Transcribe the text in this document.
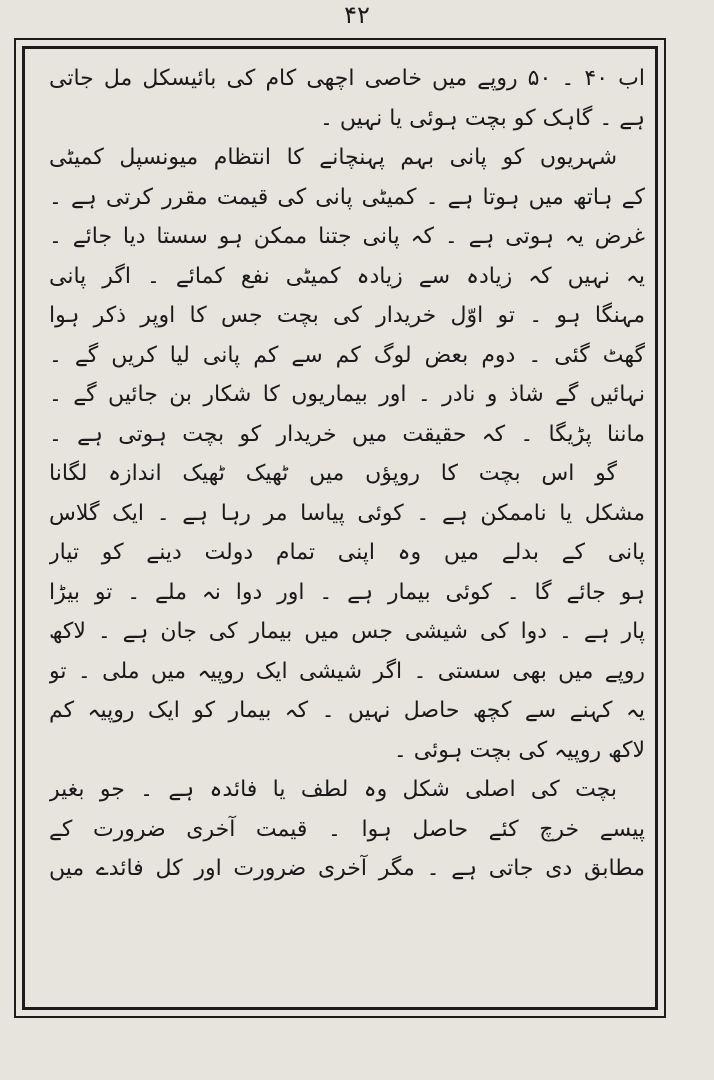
۴۲
اب ۴۰ ۔ ۵۰ روپے میں خاصی اچھی کام کی بائیسکل مل جاتی
ہے ۔ گاہک کو بچت ہوئی یا نہیں ۔
شہریوں کو پانی بہم پہنچانے کا انتظام میونسپل کمیٹی
کے ہاتھ میں ہوتا ہے ۔ کمیٹی پانی کی قیمت مقرر کرتی ہے ۔
غرض یہ ہوتی ہے ۔ کہ پانی جتنا ممکن ہو سستا دیا جائے ۔
یہ نہیں کہ زیادہ سے زیادہ کمیٹی نفع کمائے ۔ اگر پانی
مہنگا ہو ۔ تو اوّل خریدار کی بچت جس کا اوپر ذکر ہوا
گھٹ گئی ۔ دوم بعض لوگ کم سے کم پانی لیا کریں گے ۔
نہائیں گے شاذ و نادر ۔ اور بیماریوں کا شکار بن جائیں گے ۔
ماننا پڑیگا ۔ کہ حقیقت میں خریدار کو بچت ہوتی ہے ۔
گو اس بچت کا روپؤں میں ٹھیک ٹھیک اندازہ لگانا
مشکل یا ناممکن ہے ۔ کوئی پیاسا مر رہا ہے ۔ ایک گلاس
پانی کے بدلے میں وہ اپنی تمام دولت دینے کو تیار
ہو جائے گا ۔ کوئی بیمار ہے ۔ اور دوا نہ ملے ۔ تو بیڑا
پار ہے ۔ دوا کی شیشی جس میں بیمار کی جان ہے ۔ لاکھ
روپے میں بھی سستی ۔ اگر شیشی ایک روپیہ میں ملی ۔ تو
یہ کہنے سے کچھ حاصل نہیں ۔ کہ بیمار کو ایک روپیہ کم
لاکھ روپیہ کی بچت ہوئی ۔
بچت کی اصلی شکل وہ لطف یا فائدہ ہے ۔ جو بغیر
پیسے خرچ کئے حاصل ہوا ۔ قیمت آخری ضرورت کے
مطابق دی جاتی ہے ۔ مگر آخری ضرورت اور کل فائدے میں
